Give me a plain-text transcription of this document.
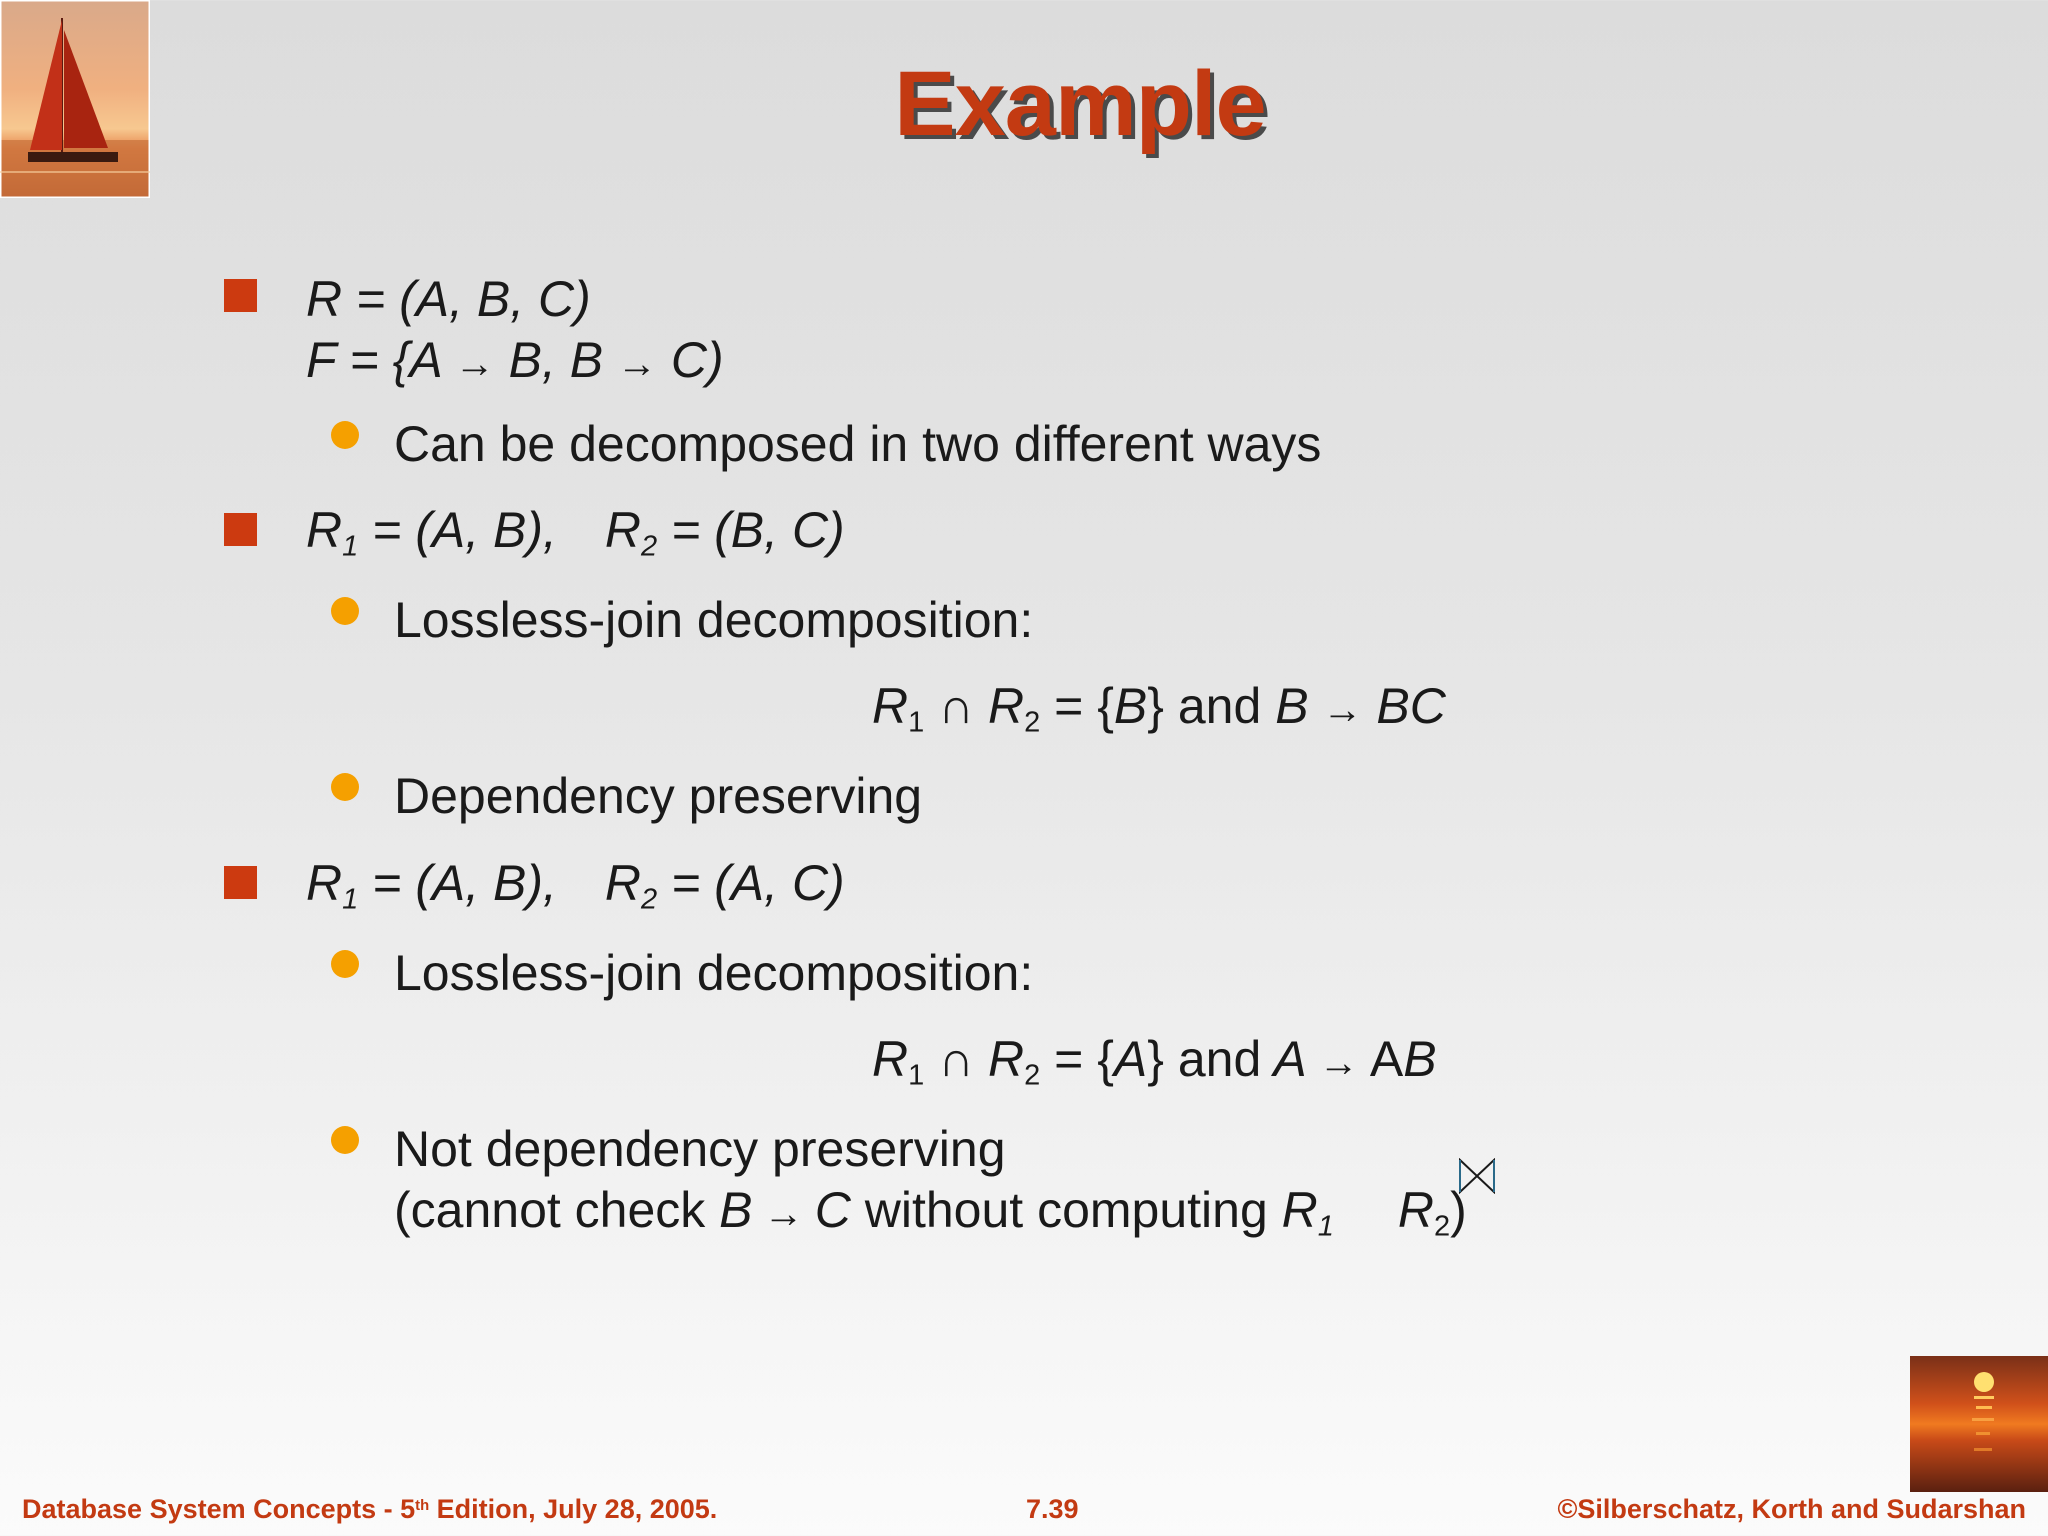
Example
R = (A, B, C)
F = {A → B, B → C)
Can be decomposed in two different ways
$R_1 = (A$, B), $R_2 = (B$, C)
Lossless-join decomposition:
$R_1$ ∩ $R_2 = \{B\}$ and B → BC
Dependency preserving
$R_1 = (A$, B), $R_2 = (A$, C)
Lossless-join decomposition:
$R_1$ ∩ $R_2 = \{A\}$ and A → AB
Not dependency preserving
(cannot check B → C without computing $R_1$ $R_2$)
Database System Concepts - 5th Edition, July 28, 2005.	7.39	©Silberschatz, Korth and Sudarshan
